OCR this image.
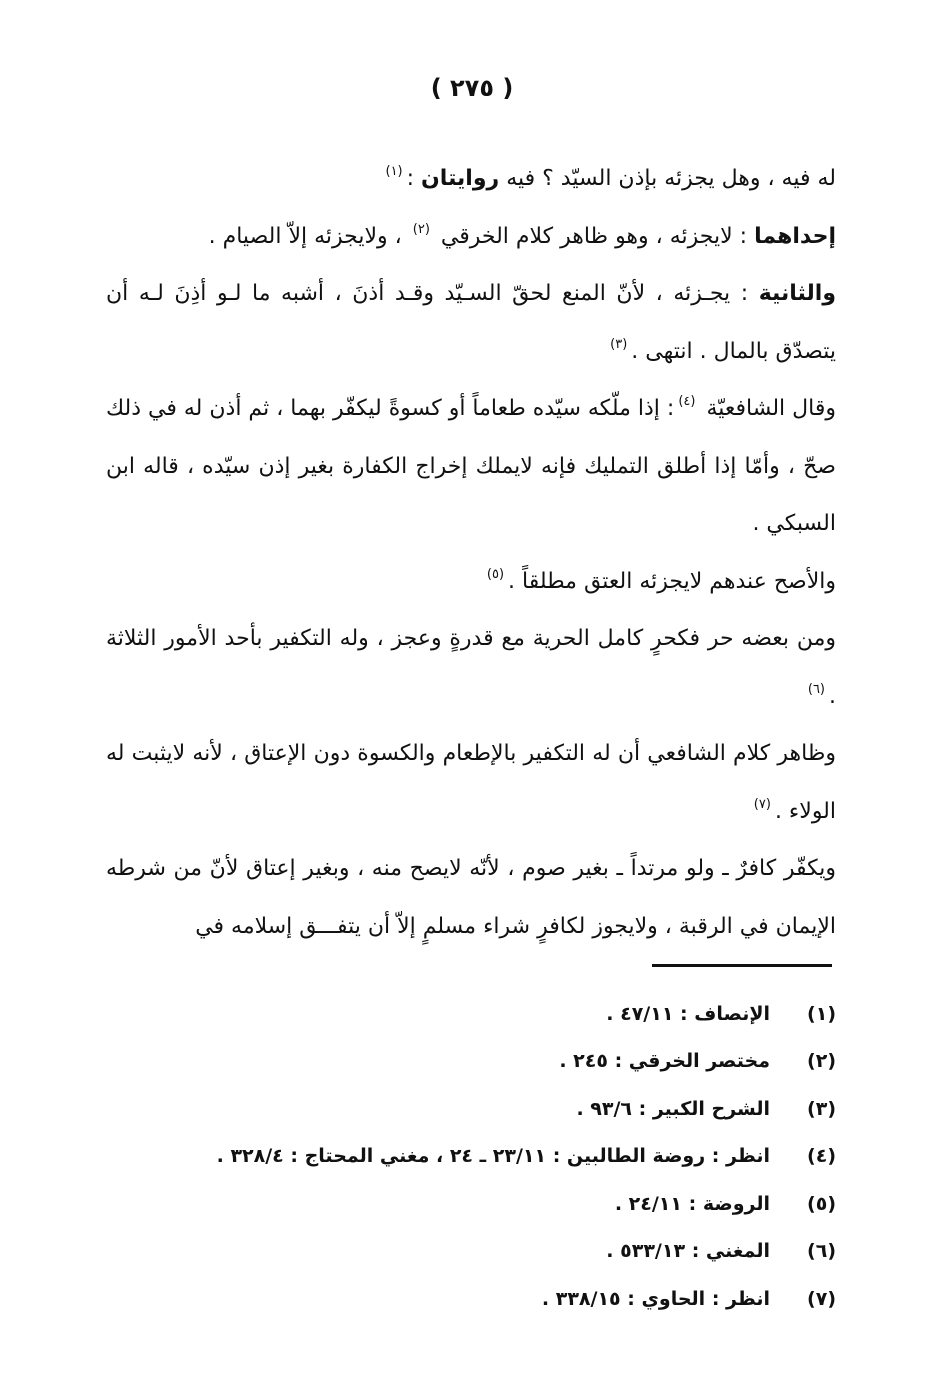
( ٢٧٥ )

له فيه ، وهل يجزئه بإذن السيّد ؟ فيه روايتان :$^{(١)}$

إحداهما : لايجزئه ، وهو ظاهر كلام الخرقي $^{(٢)}$ ، ولايجزئه إلاّ الصيام .

والثانية : يجـزئه ، لأنّ المنع لحقّ السـيّد وقـد أذنَ ، أشبه ما لـو أذِنَ لـه أن يتصدّق بالمال . انتهى .$^{(٣)}$

وقال الشافعيّة $^{(٤)}$: إذا ملّكه سيّده طعاماً أو كسوةً ليكفّر بهما ، ثم أذن له في ذلك صحّ ، وأمّا إذا أطلق التمليك فإنه لايملك إخراج الكفارة بغير إذن سيّده ، قاله ابن السبكي .

والأصح عندهم لايجزئه العتق مطلقاً .$^{(٥)}$

ومن بعضه حر فكحرٍ كامل الحرية مع قدرةٍ وعجز ، وله التكفير بأحد الأمور الثلاثة .$^{(٦)}$

وظاهر كلام الشافعي أن له التكفير بالإطعام والكسوة دون الإعتاق ، لأنه لايثبت له الولاء .$^{(٧)}$

ويكفّر كافرٌ ـ ولو مرتداً ـ بغير صوم ، لأنّه لايصح منه ، وبغير إعتاق لأنّ من شرطه الإيمان في الرقبة ، ولايجوز لكافرٍ شراء مسلمٍ إلاّ أن يتفـــق إسلامه في

(١)
الإنصاف : ٤٧/١١ .
(٢)
مختصر الخرقي : ٢٤٥ .
(٣)
الشرح الكبير : ٩٣/٦ .
(٤)
انظر : روضة الطالبين : ٢٣/١١ ـ ٢٤ ، مغني المحتاج : ٣٢٨/٤ .
(٥)
الروضة : ٢٤/١١ .
(٦)
المغني : ٥٣٣/١٣ .
(٧)
انظر : الحاوي : ٣٣٨/١٥ .
